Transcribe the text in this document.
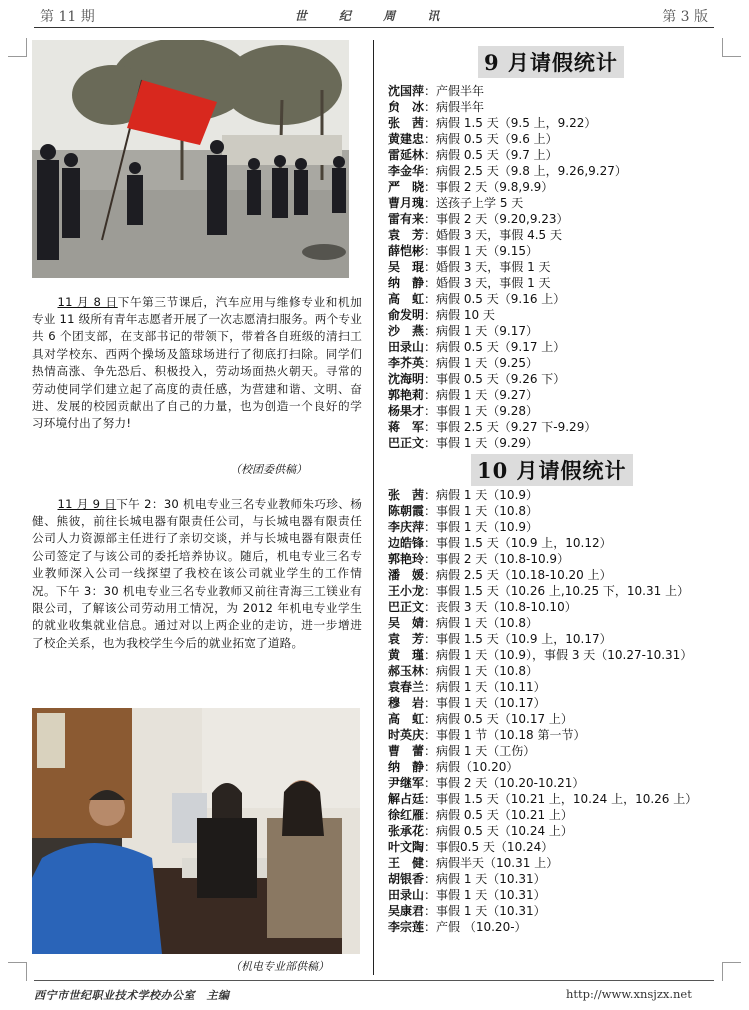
第 11 期	世 纪 周 讯	第 3 版

11 月 8 日下午第三节课后，汽车应用与维修专业和机加专业 11 级所有青年志愿者开展了一次志愿清扫服务。两个专业共 6 个团支部，在支部书记的带领下，带着各自班级的清扫工具对学校东、西两个操场及篮球场进行了彻底打扫除。同学们热情高涨、争先恐后、积极投入，劳动场面热火朝天。寻常的劳动使同学们建立起了高度的责任感，为营建和谐、文明、奋进、发展的校园贡献出了自己的力量，也为创造一个良好的学习环境付出了努力!

（校团委供稿）

11 月 9 日下午 2：30 机电专业三名专业教师朱巧珍、杨健、熊彼，前往长城电器有限责任公司，与长城电器有限责任公司人力资源部主任进行了亲切交谈，并与长城电器有限责任公司签定了与该公司的委托培养协议。随后，机电专业三名专业教师深入公司一线探望了我校在该公司就业学生的工作情况。下午 3：30 机电专业三名专业教师又前往青海三工镁业有限公司，了解该公司劳动用工情况，为 2012 年机电专业学生的就业收集就业信息。通过对以上两企业的走访，进一步增进了校企关系，也为我校学生今后的就业拓宽了道路。

（机电专业部供稿）
9 月请假统计
沈国萍：产假半年
贠　冰：病假半年
张　茜：病假 1.5 天（9.5 上，9.22）
黄建忠：病假 0.5 天（9.6 上）
雷延林：病假 0.5 天（9.7 上）
李金华：病假 2.5 天（9.8 上，9.26,9.27）
严　晓：事假 2 天（9.8,9.9）
曹月瑰：送孩子上学 5 天
雷有来：事假 2 天（9.20,9.23）
袁　芳：婚假 3 天，事假 4.5 天
薛恺彬：事假 1 天（9.15）
吴　琨：婚假 3 天，事假 1 天
纳　静：婚假 3 天，事假 1 天
高　虹：病假 0.5 天（9.16 上）
俞发明：病假 10 天
沙　燕：病假 1 天（9.17）
田录山：病假 0.5 天（9.17 上）
李芥英：病假 1 天（9.25）
沈海明：事假 0.5 天（9.26 下）
郭艳莉：病假 1 天（9.27）
杨果才：事假 1 天（9.28）
蒋　军：事假 2.5 天（9.27 下-9.29）
巴正文：事假 1 天（9.29）
10 月请假统计
张　茜：病假 1 天（10.9）
陈朝霞：事假 1 天（10.8）
李庆萍：事假 1 天（10.9）
边皓锋：事假 1.5 天（10.9 上，10.12）
郭艳玲：事假 2 天（10.8-10.9）
潘　媛：病假 2.5 天（10.18-10.20 上）
王小龙：事假 1.5 天（10.26 上,10.25 下，10.31 上）
巴正文：丧假 3 天（10.8-10.10）
吴　婧：病假 1 天（10.8）
袁　芳：事假 1.5 天（10.9 上，10.17）
黄　瑾：病假 1 天（10.9），事假 3 天（10.27-10.31）
郝玉林：病假 1 天（10.8）
袁春兰：病假 1 天（10.11）
穆　岩：事假 1 天（10.17）
高　虹：病假 0.5 天（10.17 上）
时英庆：事假 1 节（10.18 第一节）
曹　蕾：病假 1 天（工伤）
纳　静：病假（10.20）
尹继军：事假 2 天（10.20-10.21）
解占廷：事假 1.5 天（10.21 上，10.24 上，10.26 上）
徐红雁：病假 0.5 天（10.21 上）
张承花：病假 0.5 天（10.24 上）
叶文陶：事假0.5 天（10.24）
王　健：病假半天（10.31 上）
胡银香：病假 1 天（10.31）
田录山：事假 1 天（10.31）
吴康君：事假 1 天（10.31）
李宗莲：产假 （10.20-）
西宁市世纪职业技术学校办公室　主编	http://www.xnsjzx.net
